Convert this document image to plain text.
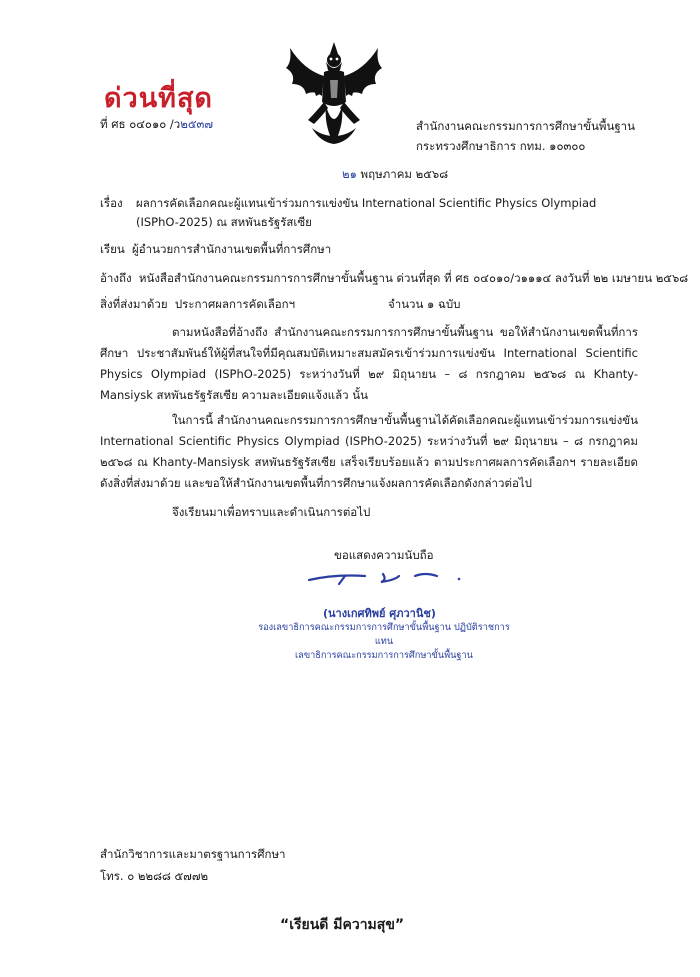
ด่วนที่สุด
ที่ ศธ ๐๔๐๑๐ /ว๒๕๓๗	สำนักงานคณะกรรมการการศึกษาขั้นพื้นฐาน
กระทรวงศึกษาธิการ กทม. ๑๐๓๐๐
๒๑ พฤษภาคม ๒๕๖๘
เรื่อง ผลการคัดเลือกคณะผู้แทนเข้าร่วมการแข่งขัน International Scientific Physics Olympiad
(ISPhO-2025) ณ สหพันธรัฐรัสเซีย
เรียน ผู้อำนวยการสำนักงานเขตพื้นที่การศึกษา
อ้างถึง หนังสือสำนักงานคณะกรรมการการศึกษาขั้นพื้นฐาน ด่วนที่สุด ที่ ศธ ๐๔๐๑๐/ว๑๑๑๔ ลงวันที่ ๒๒ เมษายน ๒๕๖๘
สิ่งที่ส่งมาด้วย ประกาศผลการคัดเลือกฯ	จำนวน ๑ ฉบับ
ตามหนังสือที่อ้างถึง สำนักงานคณะกรรมการการศึกษาขั้นพื้นฐาน ขอให้สำนักงานเขตพื้นที่การศึกษา ประชาสัมพันธ์ให้ผู้ที่สนใจที่มีคุณสมบัติเหมาะสมสมัครเข้าร่วมการแข่งขัน International Scientific Physics Olympiad (ISPhO-2025) ระหว่างวันที่ ๒๙ มิถุนายน – ๘ กรกฎาคม ๒๕๖๘ ณ Khanty-Mansiysk สหพันธรัฐรัสเซีย ความละเอียดแจ้งแล้ว นั้น
ในการนี้ สำนักงานคณะกรรมการการศึกษาขั้นพื้นฐานได้คัดเลือกคณะผู้แทนเข้าร่วมการแข่งขัน International Scientific Physics Olympiad (ISPhO-2025) ระหว่างวันที่ ๒๙ มิถุนายน – ๘ กรกฎาคม ๒๕๖๘ ณ Khanty-Mansiysk สหพันธรัฐรัสเซีย เสร็จเรียบร้อยแล้ว ตามประกาศผลการคัดเลือกฯ รายละเอียดดังสิ่งที่ส่งมาด้วย และขอให้สำนักงานเขตพื้นที่การศึกษาแจ้งผลการคัดเลือกดังกล่าวต่อไป
จึงเรียนมาเพื่อทราบและดำเนินการต่อไป
ขอแสดงความนับถือ
(นางเกศทิพย์ ศุภวานิช)
รองเลขาธิการคณะกรรมการการศึกษาขั้นพื้นฐาน ปฏิบัติราชการแทน
เลขาธิการคณะกรรมการการศึกษาขั้นพื้นฐาน
สำนักวิชาการและมาตรฐานการศึกษา
โทร. ๐ ๒๒๘๘ ๕๗๗๒
“เรียนดี มีความสุข”
